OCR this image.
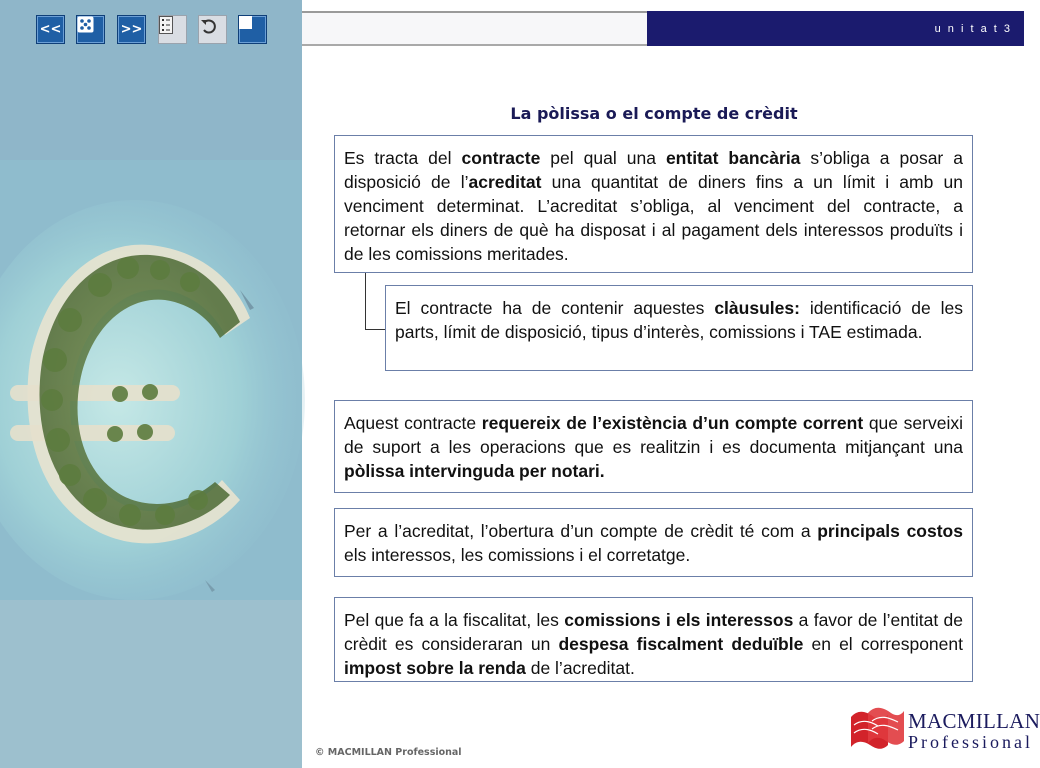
<<	>>	u n i t a t 3
La pòlissa o el compte de crèdit

Es tracta del contracte pel qual una entitat bancària s’obliga a posar a disposició de l’acreditat una quantitat de diners fins a un límit i amb un venciment determinat. L’acreditat s’obliga, al venciment del contracte, a retornar els diners de què ha disposat i al pagament dels interessos produïts i de les comissions meritades.

El contracte ha de contenir aquestes clàusules: identificació de les parts, límit de disposició, tipus d’interès, comissions i TAE estimada.

Aquest contracte requereix de l’existència d’un compte corrent que serveixi de suport a les operacions que es realitzin i es documenta mitjançant una pòlissa intervinguda per notari.

Per a l’acreditat, l’obertura d’un compte de crèdit té com a principals costos els interessos, les comissions i el corretatge.

Pel que fa a la fiscalitat, les comissions i els interessos a favor de l’entitat de crèdit es consideraran un despesa fiscalment deduïble en el corresponent impost sobre la renda de l’acreditat.

© MACMILLAN Professional
MACMILLAN
Professional
